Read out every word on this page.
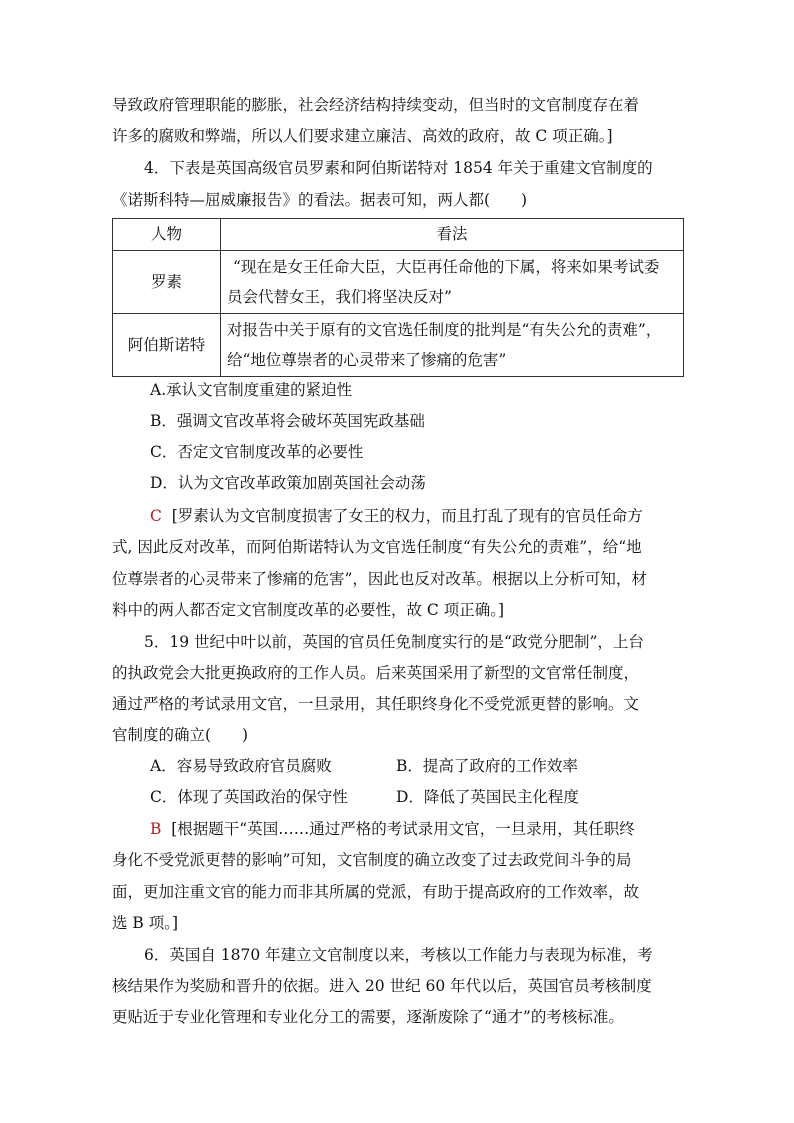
导致政府管理职能的膨胀，社会经济结构持续变动，但当时的文官制度存在着
许多的腐败和弊端，所以人们要求建立廉洁、高效的政府，故 C 项正确。]
4．下表是英国高级官员罗素和阿伯斯诺特对 1854 年关于重建文官制度的
《诺斯科特—屈威廉报告》的看法。据表可知，两人都(　　)
人物	看法
罗素	“现在是女王任命大臣，大臣再任命他的下属，将来如果考试委
员会代替女王，我们将坚决反对”

阿伯斯诺特	对报告中关于原有的文官选任制度的批判是“有失公允的责难”，
给“地位尊崇者的心灵带来了惨痛的危害”
A.承认文官制度重建的紧迫性
B．强调文官改革将会破坏英国宪政基础
C．否定文官制度改革的必要性
D．认为文官改革政策加剧英国社会动荡
C [罗素认为文官制度损害了女王的权力，而且打乱了现有的官员任命方
式, 因此反对改革，而阿伯斯诺特认为文官选任制度“有失公允的责难”，给“地
位尊崇者的心灵带来了惨痛的危害”，因此也反对改革。根据以上分析可知，材
料中的两人都否定文官制度改革的必要性，故 C 项正确。]
5．19 世纪中叶以前，英国的官员任免制度实行的是“政党分肥制”，上台
的执政党会大批更换政府的工作人员。后来英国采用了新型的文官常任制度，
通过严格的考试录用文官，一旦录用，其任职终身化不受党派更替的影响。文
官制度的确立(　　)
A．容易导致政府官员腐败	B．提高了政府的工作效率
C．体现了英国政治的保守性	D．降低了英国民主化程度
B [根据题干“英国……通过严格的考试录用文官，一旦录用，其任职终
身化不受党派更替的影响”可知，文官制度的确立改变了过去政党间斗争的局
面，更加注重文官的能力而非其所属的党派，有助于提高政府的工作效率，故
选 B 项。]
6．英国自 1870 年建立文官制度以来，考核以工作能力与表现为标准，考
核结果作为奖励和晋升的依据。进入 20 世纪 60 年代以后，英国官员考核制度
更贴近于专业化管理和专业化分工的需要，逐渐废除了“通才”的考核标准。
